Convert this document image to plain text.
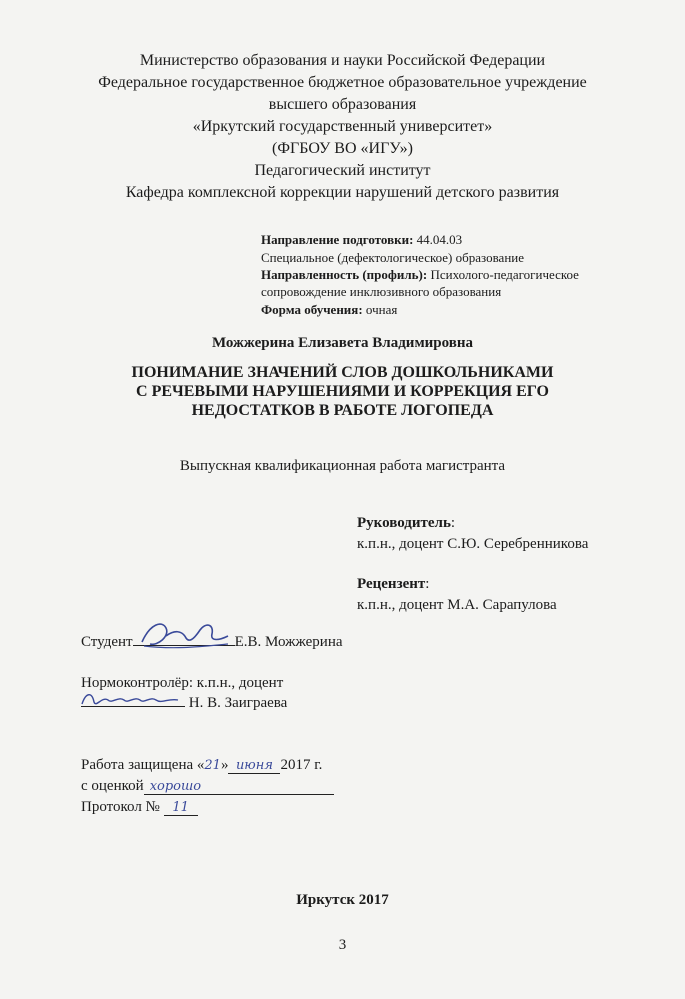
Министерство образования и науки Российской Федерации
Федеральное государственное бюджетное образовательное учреждение
высшего образования
«Иркутский государственный университет»
(ФГБОУ ВО «ИГУ»)
Педагогический институт
Кафедра комплексной коррекции нарушений детского развития
Направление подготовки: 44.04.03
Специальное (дефектологическое) образование
Направленность (профиль): Психолого-педагогическое
сопровождение инклюзивного образования
Форма обучения: очная
Можжерина Елизавета Владимировна
ПОНИМАНИЕ ЗНАЧЕНИЙ СЛОВ ДОШКОЛЬНИКАМИ
С РЕЧЕВЫМИ НАРУШЕНИЯМИ И КОРРЕКЦИЯ ЕГО
НЕДОСТАТКОВ В РАБОТЕ ЛОГОПЕДА
Выпускная квалификационная работа магистранта
Руководитель:
к.п.н., доцент С.Ю. Серебренникова
Рецензент:
к.п.н., доцент М.А. Сарапулова
Студент	Е.В. Можжерина
Нормоконтролёр: к.п.н., доцент
Н. В. Заиграева
Работа защищена «21» июня 2017 г.
с оценкой хорошо
Протокол № 11
Иркутск 2017
3
